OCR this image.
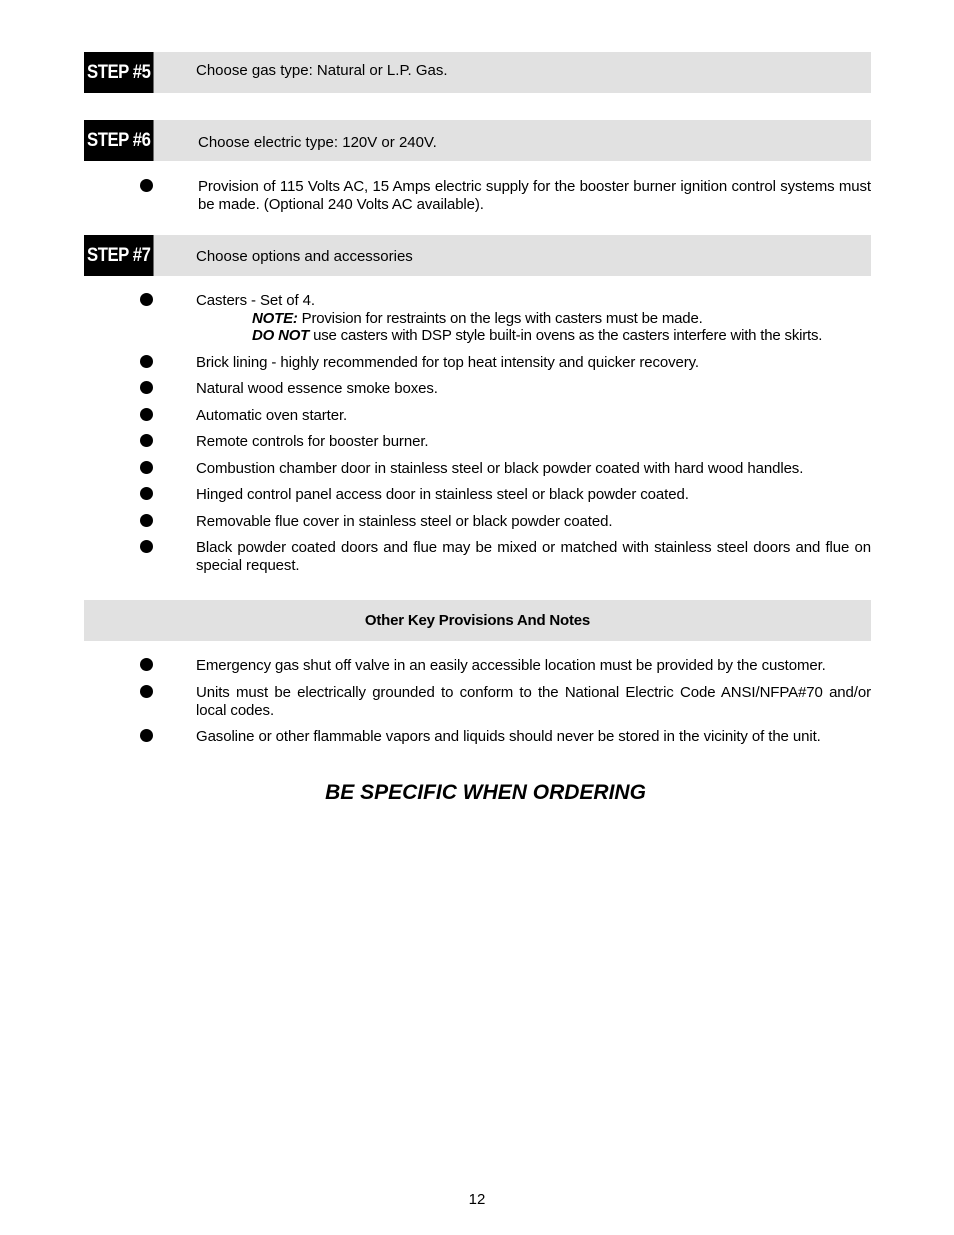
STEP #5	Choose gas type: Natural or L.P. Gas.
STEP #6	Choose electric type: 120V or 240V.
Provision of 115 Volts AC, 15 Amps electric supply for the booster burner ignition control systems must be made. (Optional 240 Volts AC available).
STEP #7	Choose options and accessories
Casters - Set of 4.
NOTE: Provision for restraints on the legs with casters must be made.
DO NOT use casters with DSP style built-in ovens as the casters interfere with the skirts.
Brick lining - highly recommended for top heat intensity and quicker recovery.
Natural wood essence smoke boxes.
Automatic oven starter.
Remote controls for booster burner.
Combustion chamber door in stainless steel or black powder coated with hard wood handles.
Hinged control panel access door in stainless steel or black powder coated.
Removable flue cover in stainless steel or black powder coated.
Black powder coated doors and flue may be mixed or matched with stainless steel doors and flue on special request.
Other Key Provisions And Notes
Emergency gas shut off valve in an easily accessible location must be provided by the customer.
Units must be electrically grounded to conform to the National Electric Code ANSI/NFPA#70 and/or local codes.
Gasoline or other flammable vapors and liquids should never be stored in the vicinity of the unit.
BE SPECIFIC WHEN ORDERING
12
